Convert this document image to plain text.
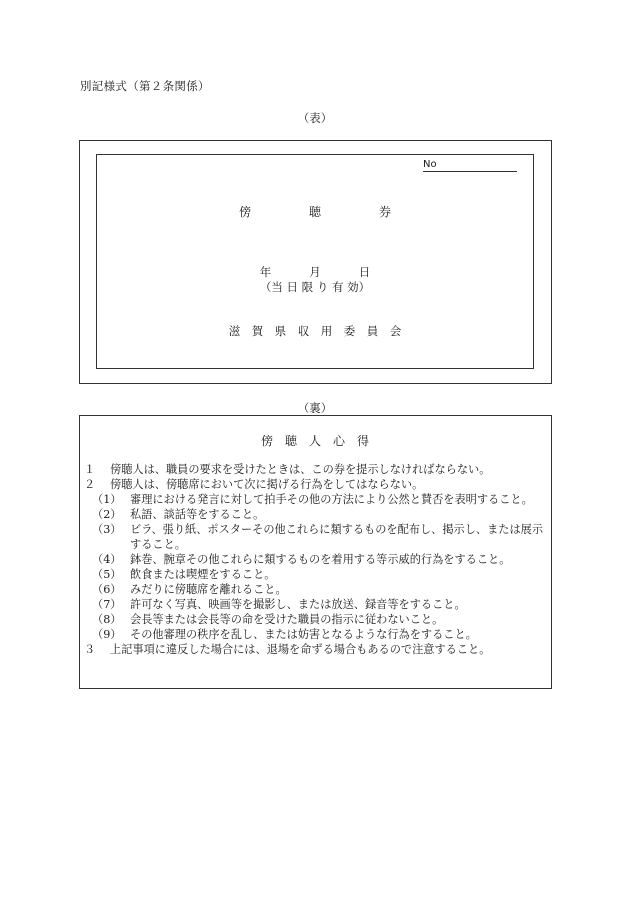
別記様式（第２条関係）
（表）
No
傍	聴	券
年	月	日
（当 日 限 り 有 効）
滋　賀　県　収　用　委　員　会
（裏）
傍　聴　人　心　得
１	傍聴人は、職員の要求を受けたときは、この券を提示しなければならない。
２	傍聴人は、傍聴席において次に掲げる行為をしてはならない。
（1） 審理における発言に対して拍手その他の方法により公然と賛否を表明すること。
（2） 私語、談話等をすること。
（3） ビラ、張り紙、ポスターその他これらに類するものを配布し、掲示し、または展示すること。
（4） 鉢巻、腕章その他これらに類するものを着用する等示威的行為をすること。
（5） 飲食または喫煙をすること。
（6） みだりに傍聴席を離れること。
（7） 許可なく写真、映画等を撮影し、または放送、録音等をすること。
（8） 会長等または会長等の命を受けた職員の指示に従わないこと。
（9） その他審理の秩序を乱し、または妨害となるような行為をすること。
３	上記事項に違反した場合には、退場を命ずる場合もあるので注意すること。
